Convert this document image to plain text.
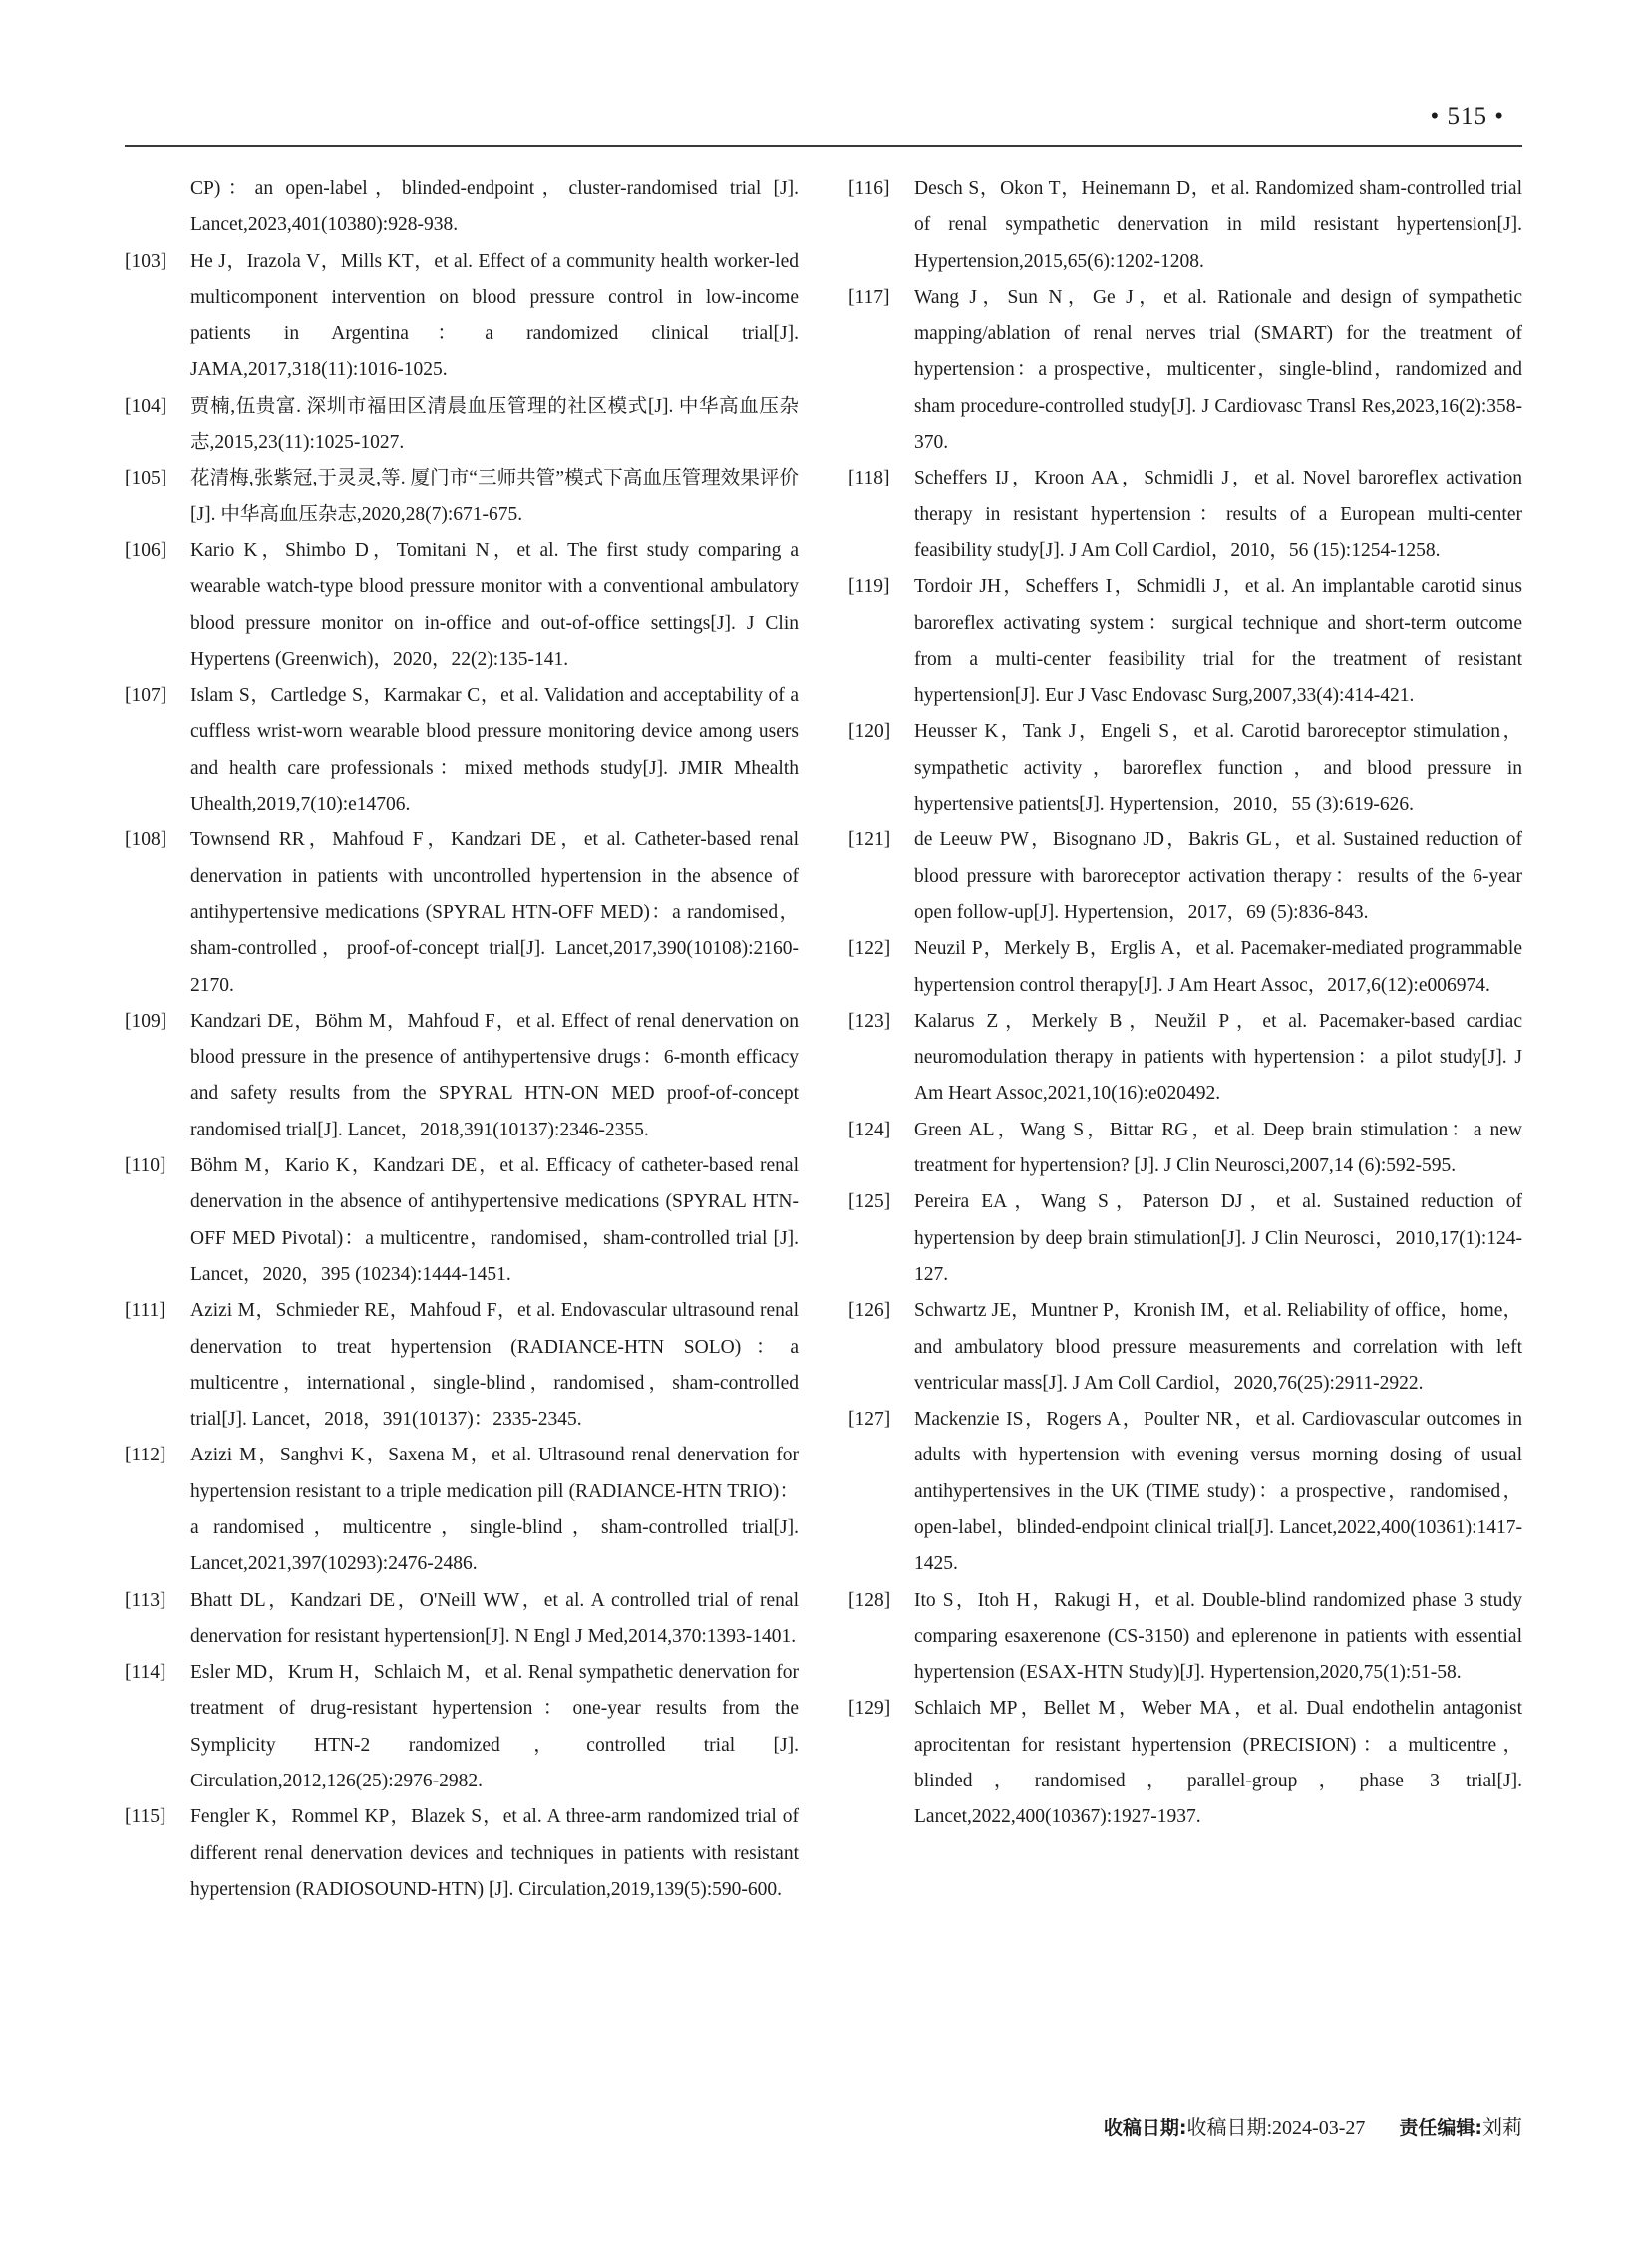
• 515 •
CP)：an open-label，blinded-endpoint，cluster-randomised trial [J]. Lancet,2023,401(10380):928-938.
[103] He J，Irazola V，Mills KT，et al. Effect of a community health worker-led multicomponent intervention on blood pressure control in low-income patients in Argentina：a randomized clinical trial[J]. JAMA,2017,318(11):1016-1025.
[104] 贾楠,伍贵富. 深圳市福田区清晨血压管理的社区模式[J]. 中华高血压杂志,2015,23(11):1025-1027.
[105] 花清梅,张紫冠,于灵灵,等. 厦门市“三师共管”模式下高血压管理效果评价[J]. 中华高血压杂志,2020,28(7):671-675.
[106] Kario K，Shimbo D，Tomitani N，et al. The first study comparing a wearable watch-type blood pressure monitor with a conventional ambulatory blood pressure monitor on in-office and out-of-office settings[J]. J Clin Hypertens (Greenwich)，2020，22(2):135-141.
[107] Islam S，Cartledge S，Karmakar C，et al. Validation and acceptability of a cuffless wrist-worn wearable blood pressure monitoring device among users and health care professionals：mixed methods study[J]. JMIR Mhealth Uhealth,2019,7(10):e14706.
[108] Townsend RR，Mahfoud F，Kandzari DE，et al. Catheter-based renal denervation in patients with uncontrolled hypertension in the absence of antihypertensive medications (SPYRAL HTN-OFF MED)：a randomised，sham-controlled，proof-of-concept trial[J]. Lancet,2017,390(10108):2160-2170.
[109] Kandzari DE，Böhm M，Mahfoud F，et al. Effect of renal denervation on blood pressure in the presence of antihypertensive drugs：6-month efficacy and safety results from the SPYRAL HTN-ON MED proof-of-concept randomised trial[J]. Lancet，2018,391(10137):2346-2355.
[110] Böhm M，Kario K，Kandzari DE，et al. Efficacy of catheter-based renal denervation in the absence of antihypertensive medications (SPYRAL HTN-OFF MED Pivotal)：a multicentre，randomised，sham-controlled trial [J]. Lancet，2020，395 (10234):1444-1451.
[111] Azizi M，Schmieder RE，Mahfoud F，et al. Endovascular ultrasound renal denervation to treat hypertension (RADIANCE-HTN SOLO)：a multicentre，international，single-blind，randomised，sham-controlled trial[J]. Lancet，2018，391(10137)：2335-2345.
[112] Azizi M，Sanghvi K，Saxena M，et al. Ultrasound renal denervation for hypertension resistant to a triple medication pill (RADIANCE-HTN TRIO)：a randomised，multicentre，single-blind，sham-controlled trial[J]. Lancet,2021,397(10293):2476-2486.
[113] Bhatt DL，Kandzari DE，O'Neill WW，et al. A controlled trial of renal denervation for resistant hypertension[J]. N Engl J Med,2014,370:1393-1401.
[114] Esler MD，Krum H，Schlaich M，et al. Renal sympathetic denervation for treatment of drug-resistant hypertension：one-year results from the Symplicity HTN-2 randomized，controlled trial [J]. Circulation,2012,126(25):2976-2982.
[115] Fengler K，Rommel KP，Blazek S，et al. A three-arm randomized trial of different renal denervation devices and techniques in patients with resistant hypertension (RADIOSOUND-HTN) [J]. Circulation,2019,139(5):590-600.
[116] Desch S，Okon T，Heinemann D，et al. Randomized sham-controlled trial of renal sympathetic denervation in mild resistant hypertension[J]. Hypertension,2015,65(6):1202-1208.
[117] Wang J，Sun N，Ge J，et al. Rationale and design of sympathetic mapping/ablation of renal nerves trial (SMART) for the treatment of hypertension：a prospective，multicenter，single-blind，randomized and sham procedure-controlled study[J]. J Cardiovasc Transl Res,2023,16(2):358-370.
[118] Scheffers IJ，Kroon AA，Schmidli J，et al. Novel baroreflex activation therapy in resistant hypertension：results of a European multi-center feasibility study[J]. J Am Coll Cardiol，2010，56 (15):1254-1258.
[119] Tordoir JH，Scheffers I，Schmidli J，et al. An implantable carotid sinus baroreflex activating system：surgical technique and short-term outcome from a multi-center feasibility trial for the treatment of resistant hypertension[J]. Eur J Vasc Endovasc Surg,2007,33(4):414-421.
[120] Heusser K，Tank J，Engeli S，et al. Carotid baroreceptor stimulation，sympathetic activity，baroreflex function，and blood pressure in hypertensive patients[J]. Hypertension，2010，55 (3):619-626.
[121] de Leeuw PW，Bisognano JD，Bakris GL，et al. Sustained reduction of blood pressure with baroreceptor activation therapy：results of the 6-year open follow-up[J]. Hypertension，2017，69 (5):836-843.
[122] Neuzil P，Merkely B，Erglis A，et al. Pacemaker-mediated programmable hypertension control therapy[J]. J Am Heart Assoc，2017,6(12):e006974.
[123] Kalarus Z，Merkely B，Neužil P，et al. Pacemaker-based cardiac neuromodulation therapy in patients with hypertension：a pilot study[J]. J Am Heart Assoc,2021,10(16):e020492.
[124] Green AL，Wang S，Bittar RG，et al. Deep brain stimulation：a new treatment for hypertension? [J]. J Clin Neurosci,2007,14 (6):592-595.
[125] Pereira EA，Wang S，Paterson DJ，et al. Sustained reduction of hypertension by deep brain stimulation[J]. J Clin Neurosci，2010,17(1):124-127.
[126] Schwartz JE，Muntner P，Kronish IM，et al. Reliability of office，home，and ambulatory blood pressure measurements and correlation with left ventricular mass[J]. J Am Coll Cardiol，2020,76(25):2911-2922.
[127] Mackenzie IS，Rogers A，Poulter NR，et al. Cardiovascular outcomes in adults with hypertension with evening versus morning dosing of usual antihypertensives in the UK (TIME study)：a prospective，randomised，open-label，blinded-endpoint clinical trial[J]. Lancet,2022,400(10361):1417-1425.
[128] Ito S，Itoh H，Rakugi H，et al. Double-blind randomized phase 3 study comparing esaxerenone (CS-3150) and eplerenone in patients with essential hypertension (ESAX-HTN Study)[J]. Hypertension,2020,75(1):51-58.
[129] Schlaich MP，Bellet M，Weber MA，et al. Dual endothelin antagonist aprocitentan for resistant hypertension (PRECISION)：a multicentre，blinded，randomised，parallel-group，phase 3 trial[J]. Lancet,2022,400(10367):1927-1937.
收稿日期:收稿日期:2024-03-27 责任编辑:刘莉
